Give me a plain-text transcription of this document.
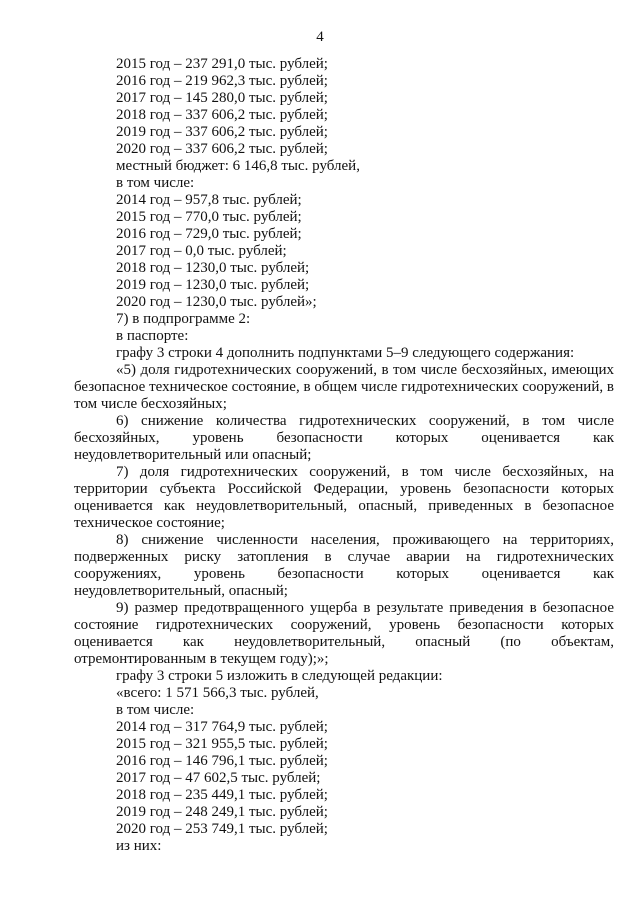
4

2015 год – 237 291,0 тыс. рублей;

2016 год – 219 962,3 тыс. рублей;

2017 год – 145 280,0 тыс. рублей;

2018 год – 337 606,2 тыс. рублей;

2019 год – 337 606,2 тыс. рублей;

2020 год – 337 606,2 тыс. рублей;

местный бюджет: 6 146,8 тыс. рублей,

в том числе:

2014 год – 957,8 тыс. рублей;

2015 год – 770,0 тыс. рублей;

2016 год – 729,0 тыс. рублей;

2017 год – 0,0 тыс. рублей;

2018 год – 1230,0 тыс. рублей;

2019 год – 1230,0 тыс. рублей;

2020 год – 1230,0 тыс. рублей»;

7) в подпрограмме 2:

в паспорте:

графу 3 строки 4 дополнить подпунктами 5–9 следующего содержания:

«5) доля гидротехнических сооружений, в том числе бесхозяйных, имеющих безопасное техническое состояние, в общем числе гидротехнических сооружений, в том числе бесхозяйных;

6) снижение количества гидротехнических сооружений, в том числе бесхозяйных, уровень безопасности которых оценивается как неудовлетворительный или опасный;

7) доля гидротехнических сооружений, в том числе бесхозяйных, на территории субъекта Российской Федерации, уровень безопасности которых оценивается как неудовлетворительный, опасный, приведенных в безопасное техническое состояние;

8) снижение численности населения, проживающего на территориях, подверженных риску затопления в случае аварии на гидротехнических сооружениях, уровень безопасности которых оценивается как неудовлетворительный, опасный;

9) размер предотвращенного ущерба в результате приведения в безопасное состояние гидротехнических сооружений, уровень безопасности которых оценивается как неудовлетворительный, опасный (по объектам, отремонтированным в текущем году);»;

графу 3 строки 5 изложить в следующей редакции:

«всего: 1 571 566,3 тыс. рублей,

в том числе:

2014 год – 317 764,9 тыс. рублей;

2015 год – 321 955,5 тыс. рублей;

2016 год – 146 796,1 тыс. рублей;

2017 год – 47 602,5 тыс. рублей;

2018 год – 235 449,1 тыс. рублей;

2019 год – 248 249,1 тыс. рублей;

2020 год – 253 749,1 тыс. рублей;

из них:
